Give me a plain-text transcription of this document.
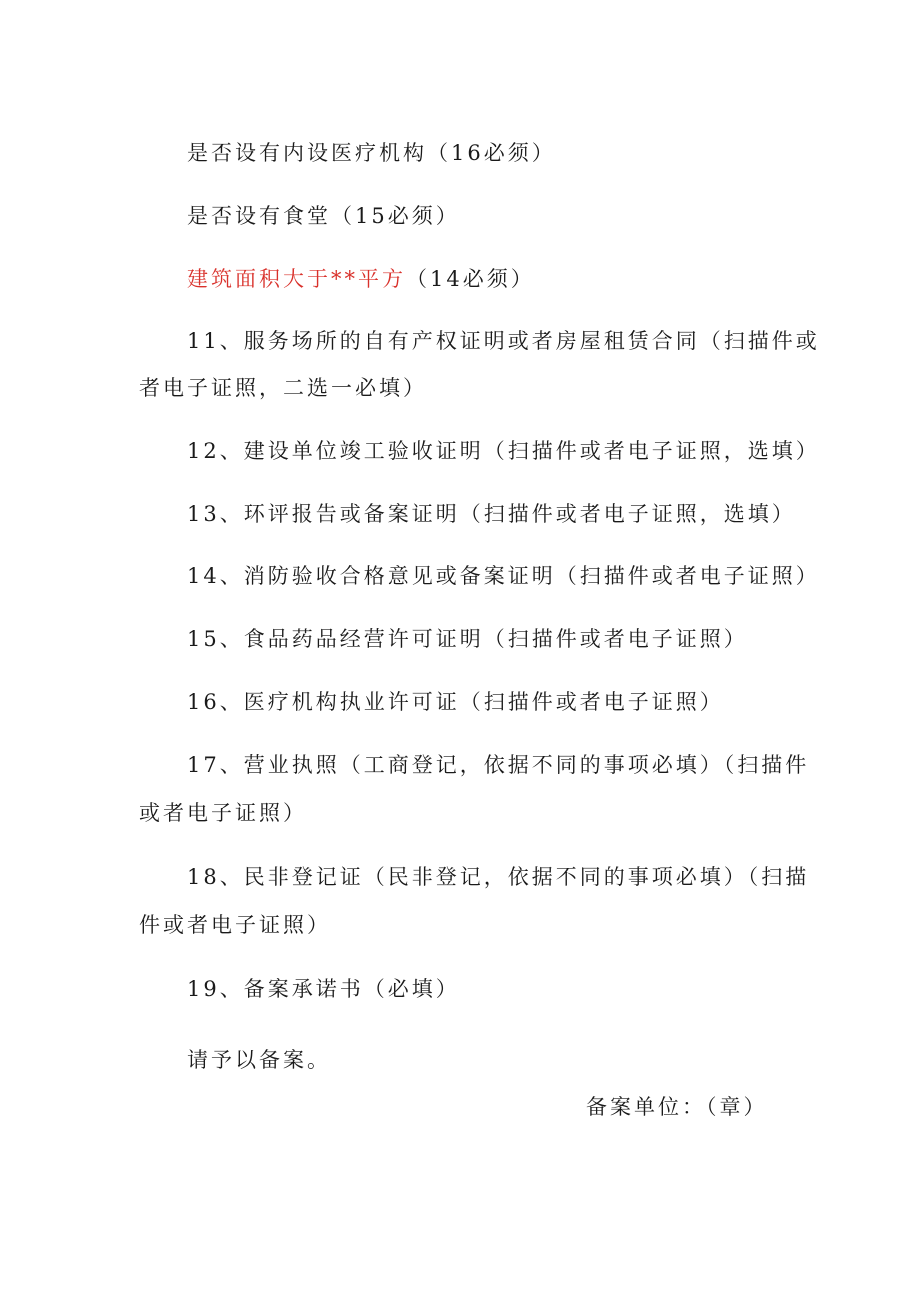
是否设有内设医疗机构（16必须）
是否设有食堂（15必须）
建筑面积大于**平方（14必须）
11、服务场所的自有产权证明或者房屋租赁合同（扫描件或
者电子证照，二选一必填）
12、建设单位竣工验收证明（扫描件或者电子证照，选填）
13、环评报告或备案证明（扫描件或者电子证照，选填）
14、消防验收合格意见或备案证明（扫描件或者电子证照）
15、食品药品经营许可证明（扫描件或者电子证照）
16、医疗机构执业许可证（扫描件或者电子证照）
17、营业执照（工商登记，依据不同的事项必填）（扫描件
或者电子证照）
18、民非登记证（民非登记，依据不同的事项必填）（扫描
件或者电子证照）
19、备案承诺书（必填）
请予以备案。
备案单位：（章）
